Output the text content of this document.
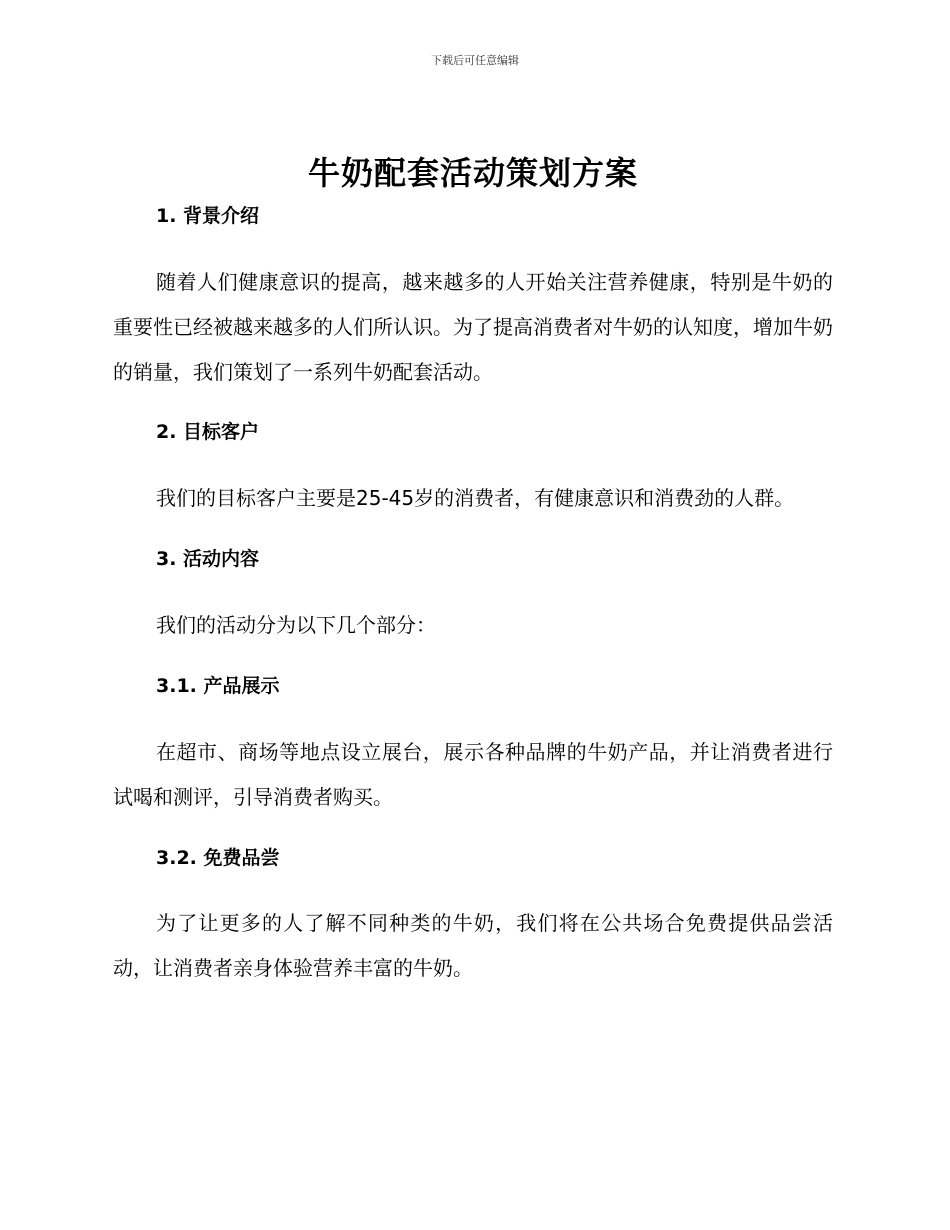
下载后可任意编辑
牛奶配套活动策划方案
1. 背景介绍

随着人们健康意识的提高，越来越多的人开始关注营养健康，特别是牛奶的重要性已经被越来越多的人们所认识。为了提高消费者对牛奶的认知度，增加牛奶的销量，我们策划了一系列牛奶配套活动。

2. 目标客户

我们的目标客户主要是25-45岁的消费者，有健康意识和消费劲的人群。

3. 活动内容

我们的活动分为以下几个部分：

3.1. 产品展示

在超市、商场等地点设立展台，展示各种品牌的牛奶产品，并让消费者进行试喝和测评，引导消费者购买。

3.2. 免费品尝

为了让更多的人了解不同种类的牛奶，我们将在公共场合免费提供品尝活动，让消费者亲身体验营养丰富的牛奶。
